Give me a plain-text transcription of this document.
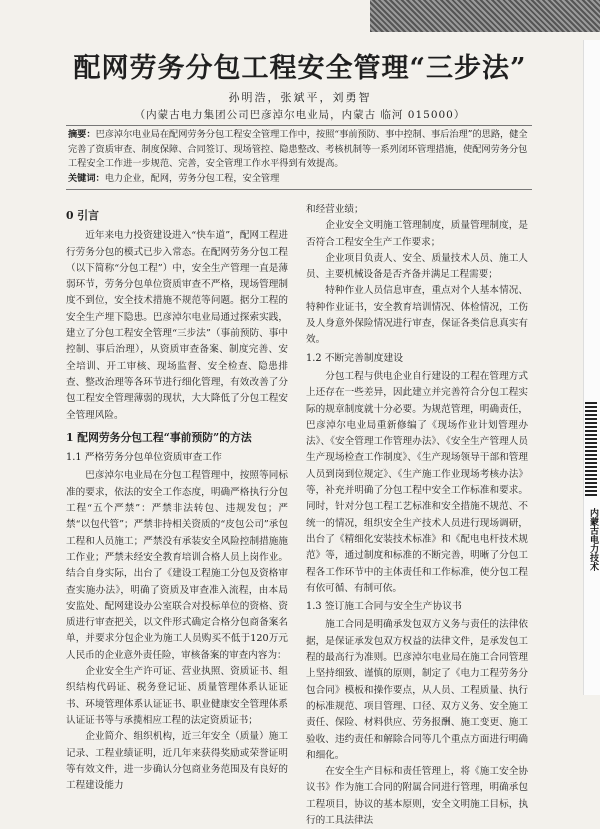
配网劳务分包工程安全管理“三步法”
孙明浩，张斌平，刘勇智
（内蒙古电力集团公司巴彦淖尔电业局，内蒙古 临河 015000）
摘要：巴彦淖尔电业局在配网劳务分包工程安全管理工作中，按照“事前预防、事中控制、事后治理”的思路，健全完善了资质审查、制度保障、合同签订、现场管控、隐患整改、考核机制等一系列闭环管理措施，使配网劳务分包工程安全工作进一步规范、完善，安全管理工作水平得到有效提高。
关键词：电力企业，配网，劳务分包工程，安全管理
0 引言

近年来电力投资建设进入“快车道”，配网工程进行劳务分包的模式已步入常态。在配网劳务分包工程（以下简称“分包工程”）中，安全生产管理一直是薄弱环节，劳务分包单位资质审查不严格，现场管理制度不到位，安全技术措施不规范等问题。据分工程的安全生产埋下隐患。巴彦淖尔电业局通过探索实践，建立了分包工程安全管理“三步法”（事前预防、事中控制、事后治理），从资质审查备案、制度完善、安全培训、开工审核、现场监督、安全检查、隐患排查、整改治理等各环节进行细化管理，有效改善了分包工程安全管理薄弱的现状，大大降低了分包工程安全管理风险。

1 配网劳务分包工程“事前预防”的方法
1.1 严格劳务分包单位资质审查工作

巴彦淖尔电业局在分包工程管理中，按照等同标准的要求，依法的安全工作态度，明确严格执行分包工程“五个严禁”：严禁非法转包、违规发包；严禁“以包代管”；严禁非持相关资质的“皮包公司”承包工程和人员施工；严禁没有承装安全风险控制措施施工作业；严禁未经安全教育培训合格人员上岗作业。结合自身实际，出台了《建设工程施工分包及资格审查实施办法》，明确了资质及审查准入流程，由本局安监处、配网建设办公室联合对投标单位的资格、资质进行审查把关，以文件形式确定合格分包商备案名单，并要求分包企业为施工人员购买不低于120万元人民币的企业意外责任险，审核备案的审查内容为：

企业安全生产许可证、营业执照、资质证书、组织结构代码证、税务登记证、质量管理体系认证证书、环境管理体系认证证书、职业健康安全管理体系认证证书等与承揽相应工程的法定资质证书；

企业简介、组织机构，近三年安全（质量）施工记录、工程业绩证明，近几年来获得奖励或荣誉证明等有效文件，进一步确认分包商业务范围及有良好的工程建设能力

和经营业绩；

企业安全文明施工管理制度，质量管理制度，是否符合工程安全生产工作要求；

企业项目负责人、安全、质量技术人员、施工人员、主要机械设备是否齐备并满足工程需要；

特种作业人员信息审查，重点对个人基本情况、特种作业证书，安全教育培训情况、体检情况，工伤及人身意外保险情况进行审查，保证各类信息真实有效。

1.2 不断完善制度建设

分包工程与供电企业自行建设的工程在管理方式上还存在一些差异，因此建立并完善符合分包工程实际的规章制度就十分必要。为规范管理，明确责任，巴彦淖尔电业局重新修编了《现场作业计划管理办法》、《安全管理工作管理办法》、《安全生产管理人员生产现场检查工作制度》、《生产现场领导干部和管理人员到岗到位规定》、《生产施工作业现场考核办法》等，补充并明确了分包工程中安全工作标准和要求。同时，针对分包工程工艺标准和安全措施不规范、不统一的情况，组织安全生产技术人员进行现场调研，出台了《精细化安装技术标准》和《配电电杆技术规范》等，通过制度和标准的不断完善，明晰了分包工程各工作环节中的主体责任和工作标准，使分包工程有依可循、有制可依。

1.3 签订施工合同与安全生产协议书

施工合同是明确承发包双方义务与责任的法律依据，是保证承发包双方权益的法律文件，是承发包工程的最高行为准则。巴彦淖尔电业局在施工合同管理上坚持细致、谨慎的原则，制定了《电力工程劳务分包合同》模板和操作要点，从人员、工程质量、执行的标准规范、项目管理、口径、双方义务、安全施工责任、保险、材料供应、劳务报酬、施工变更、施工验收、违约责任和解除合同等几个重点方面进行明确和细化。

在安全生产目标和责任管理上，将《施工安全协议书》作为施工合同的附属合同进行管理，明确承包工程项目，协议的基本原则，安全文明施工目标，执行的工具法律法

内蒙古电力技术
